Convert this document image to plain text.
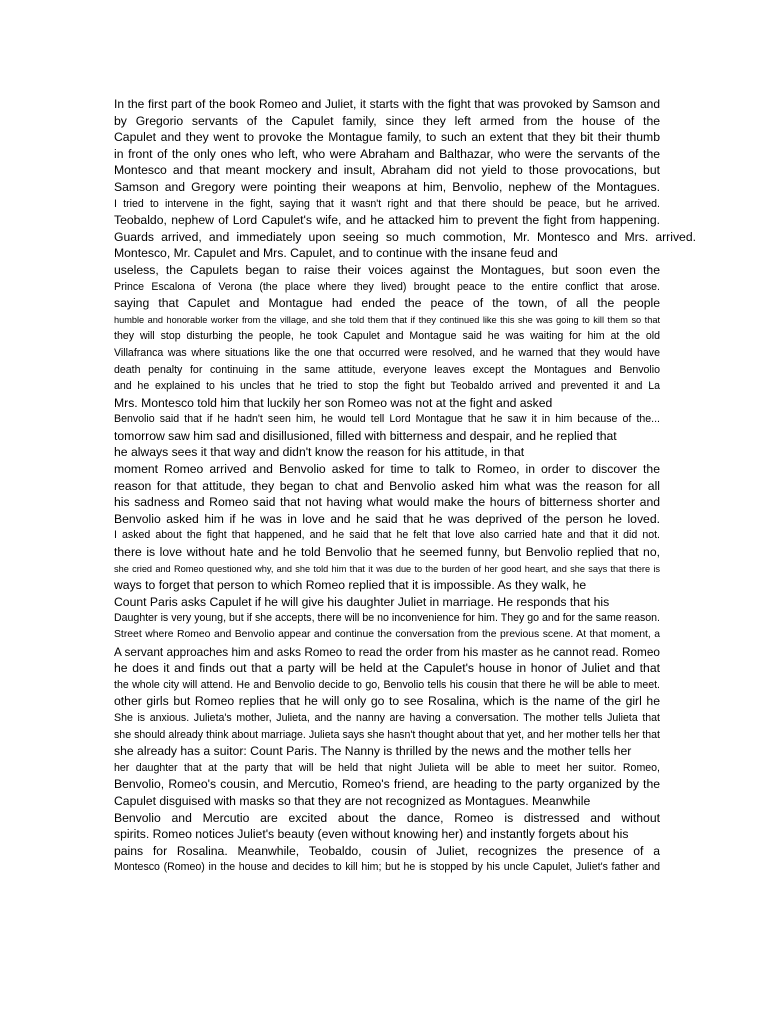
In the first part of the book Romeo and Juliet, it starts with the fight that was provoked by Samson and
by Gregorio servants of the Capulet family, since they left armed from the house of the
Capulet and they went to provoke the Montague family, to such an extent that they bit their thumb
in front of the only ones who left, who were Abraham and Balthazar, who were the servants of the
Montesco and that meant mockery and insult, Abraham did not yield to those provocations, but
Samson and Gregory were pointing their weapons at him, Benvolio, nephew of the Montagues.
I tried to intervene in the fight, saying that it wasn't right and that there should be peace, but he arrived.
Teobaldo, nephew of Lord Capulet's wife, and he attacked him to prevent the fight from happening.
Guards arrived, and immediately upon seeing so much commotion, Mr. Montesco and Mrs. arrived.
Montesco, Mr. Capulet and Mrs. Capulet, and to continue with the insane feud and
useless, the Capulets began to raise their voices against the Montagues, but soon even the
Prince Escalona of Verona (the place where they lived) brought peace to the entire conflict that arose.
saying that Capulet and Montague had ended the peace of the town, of all the people
humble and honorable worker from the village, and she told them that if they continued like this she was going to kill them so that
they will stop disturbing the people, he took Capulet and Montague said he was waiting for him at the old
Villafranca was where situations like the one that occurred were resolved, and he warned that they would have
death penalty for continuing in the same attitude, everyone leaves except the Montagues and Benvolio
and he explained to his uncles that he tried to stop the fight but Teobaldo arrived and prevented it and La
Mrs. Montesco told him that luckily her son Romeo was not at the fight and asked
Benvolio said that if he hadn't seen him, he would tell Lord Montague that he saw it in him because of the...
tomorrow saw him sad and disillusioned, filled with bitterness and despair, and he replied that
he always sees it that way and didn't know the reason for his attitude, in that
moment Romeo arrived and Benvolio asked for time to talk to Romeo, in order to discover the
reason for that attitude, they began to chat and Benvolio asked him what was the reason for all
his sadness and Romeo said that not having what would make the hours of bitterness shorter and
Benvolio asked him if he was in love and he said that he was deprived of the person he loved.
I asked about the fight that happened, and he said that he felt that love also carried hate and that it did not.
there is love without hate and he told Benvolio that he seemed funny, but Benvolio replied that no,
she cried and Romeo questioned why, and she told him that it was due to the burden of her good heart, and she says that there is
ways to forget that person to which Romeo replied that it is impossible. As they walk, he
Count Paris asks Capulet if he will give his daughter Juliet in marriage. He responds that his
Daughter is very young, but if she accepts, there will be no inconvenience for him. They go and for the same reason.
Street where Romeo and Benvolio appear and continue the conversation from the previous scene. At that moment, a
A servant approaches him and asks Romeo to read the order from his master as he cannot read. Romeo
he does it and finds out that a party will be held at the Capulet's house in honor of Juliet and that
the whole city will attend. He and Benvolio decide to go, Benvolio tells his cousin that there he will be able to meet.
other girls but Romeo replies that he will only go to see Rosalina, which is the name of the girl he
She is anxious. Julieta's mother, Julieta, and the nanny are having a conversation. The mother tells Julieta that
she should already think about marriage. Julieta says she hasn't thought about that yet, and her mother tells her that
she already has a suitor: Count Paris. The Nanny is thrilled by the news and the mother tells her
her daughter that at the party that will be held that night Julieta will be able to meet her suitor. Romeo,
Benvolio, Romeo's cousin, and Mercutio, Romeo's friend, are heading to the party organized by the
Capulet disguised with masks so that they are not recognized as Montagues. Meanwhile
Benvolio and Mercutio are excited about the dance, Romeo is distressed and without
spirits. Romeo notices Juliet's beauty (even without knowing her) and instantly forgets about his
pains for Rosalina. Meanwhile, Teobaldo, cousin of Juliet, recognizes the presence of a
Montesco (Romeo) in the house and decides to kill him; but he is stopped by his uncle Capulet, Juliet's father and
